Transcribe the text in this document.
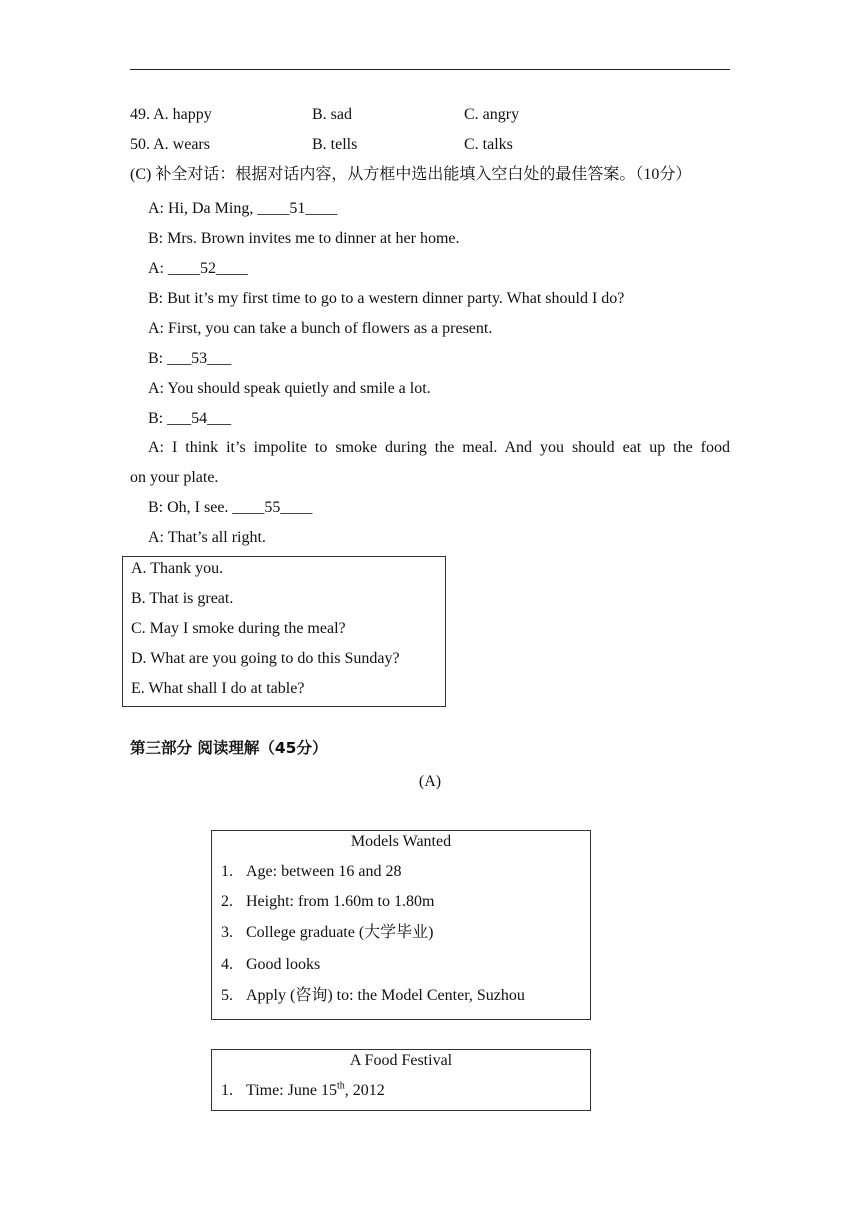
49. A. happy	B. sad	C. angry
50. A. wears	B. tells	C. talks
(C) 补全对话：根据对话内容，从方框中选出能填入空白处的最佳答案。（10分）
A: Hi, Da Ming, ____51____
B: Mrs. Brown invites me to dinner at her home.
A: ____52____
B: But it’s my first time to go to a western dinner party. What should I do?
A: First, you can take a bunch of flowers as a present.
B: ___53___
A: You should speak quietly and smile a lot.
B: ___54___
A: I think it’s impolite to smoke during the meal. And you should eat up the food
on your plate.
B: Oh, I see. ____55____
A: That’s all right.
A. Thank you.
B. That is great.
C. May I smoke during the meal?
D. What are you going to do this Sunday?
E. What shall I do at table?
第三部分 阅读理解（45分）
(A)
Models Wanted
1. Age: between 16 and 28
2. Height: from 1.60m to 1.80m
3. College graduate (大学毕业)
4. Good looks
5. Apply (咨询) to: the Model Center, Suzhou
A Food Festival
1. Time: June 15th, 2012
